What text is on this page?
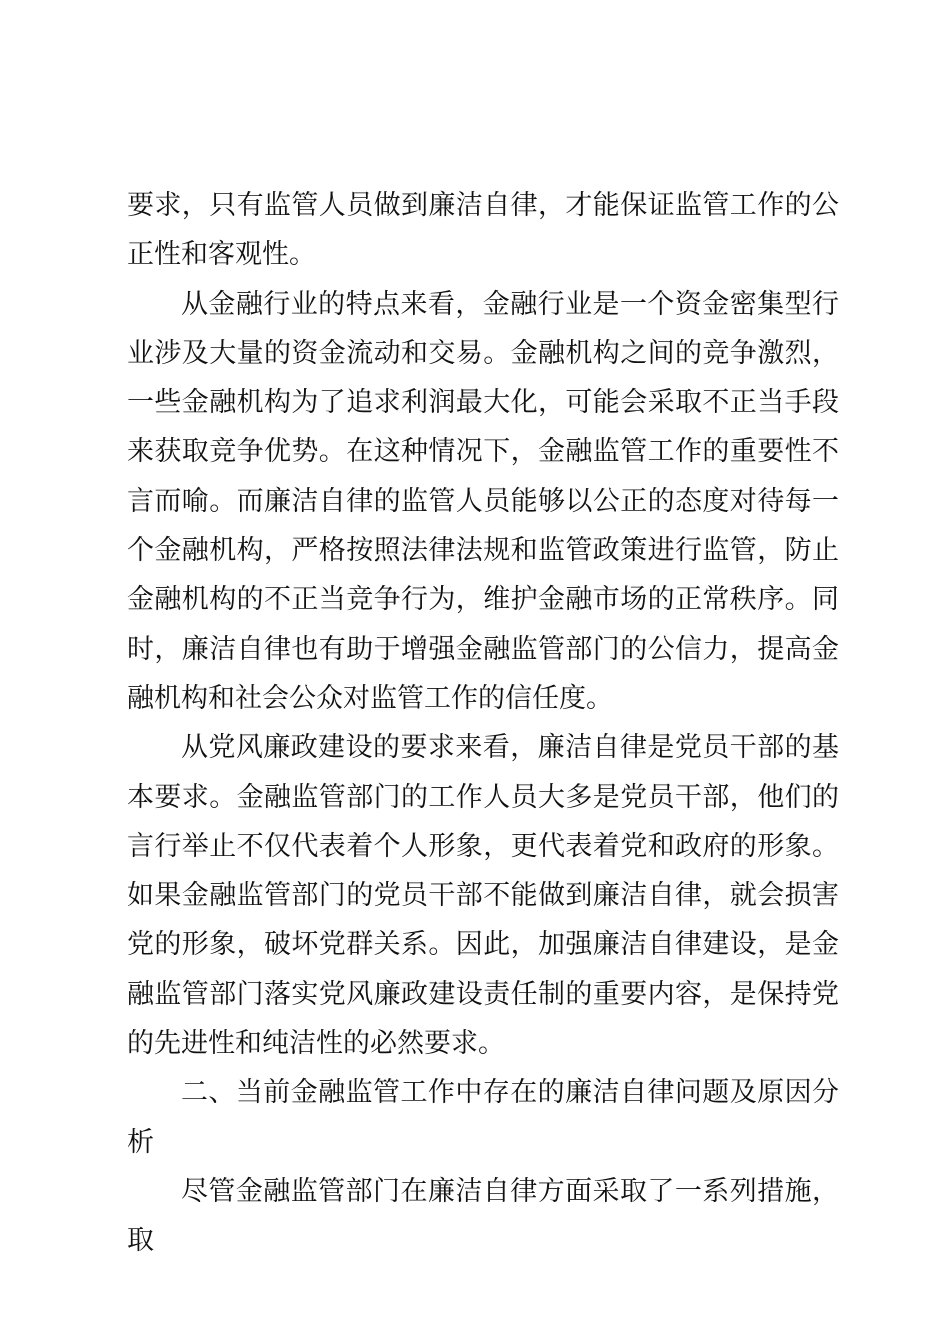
要求，只有监管人员做到廉洁自律，才能保证监管工作的公正性和客观性。

从金融行业的特点来看，金融行业是一个资金密集型行业涉及大量的资金流动和交易。金融机构之间的竞争激烈，一些金融机构为了追求利润最大化，可能会采取不正当手段来获取竞争优势。在这种情况下，金融监管工作的重要性不言而喻。而廉洁自律的监管人员能够以公正的态度对待每一个金融机构，严格按照法律法规和监管政策进行监管，防止金融机构的不正当竞争行为，维护金融市场的正常秩序。同时，廉洁自律也有助于增强金融监管部门的公信力，提高金融机构和社会公众对监管工作的信任度。

从党风廉政建设的要求来看，廉洁自律是党员干部的基本要求。金融监管部门的工作人员大多是党员干部，他们的言行举止不仅代表着个人形象，更代表着党和政府的形象。如果金融监管部门的党员干部不能做到廉洁自律，就会损害党的形象，破坏党群关系。因此，加强廉洁自律建设，是金融监管部门落实党风廉政建设责任制的重要内容，是保持党的先进性和纯洁性的必然要求。

二、当前金融监管工作中存在的廉洁自律问题及原因分析

尽管金融监管部门在廉洁自律方面采取了一系列措施，取
